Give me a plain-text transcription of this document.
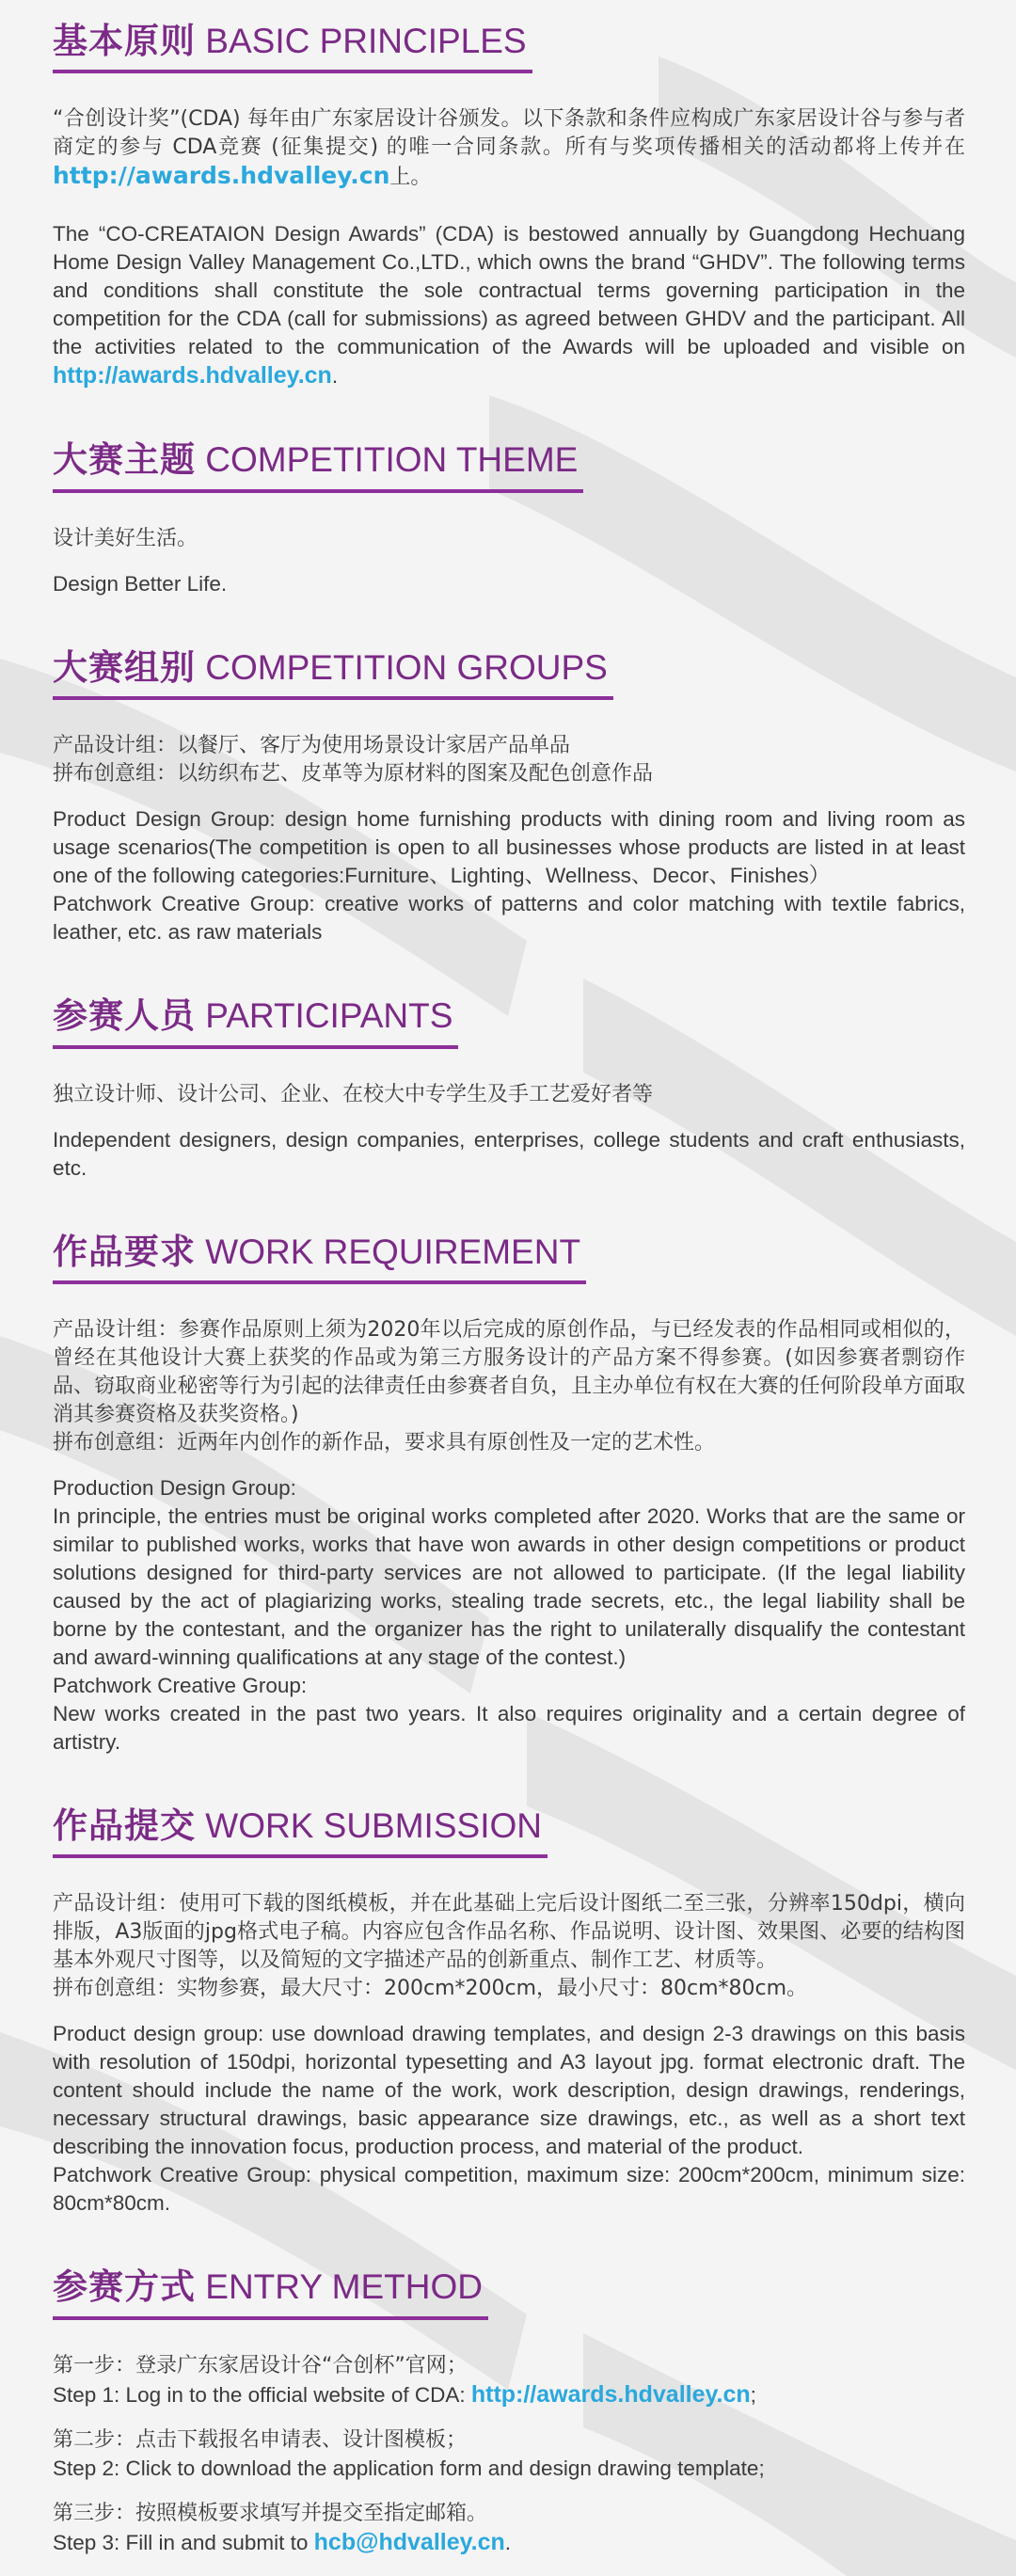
基本原则 BASIC PRINCIPLES

“合创设计奖”(CDA) 每年由广东家居设计谷颁发。以下条款和条件应构成广东家居设计谷与参与者商定的参与 CDA竞赛 (征集提交) 的唯一合同条款。所有与奖项传播相关的活动都将上传并在http://awards.hdvalley.cn上。

The “CO-CREATAION Design Awards” (CDA) is bestowed annually by Guangdong Hechuang Home Design Valley Management Co.,LTD., which owns the brand “GHDV”. The following terms and conditions shall constitute the sole contractual terms governing participation in the competition for the CDA (call for submissions) as agreed between GHDV and the participant. All the activities related to the communication of the Awards will be uploaded and visible on http://awards.hdvalley.cn.

大赛主题 COMPETITION THEME

设计美好生活。

Design Better Life.

大赛组别 COMPETITION GROUPS

产品设计组：以餐厅、客厅为使用场景设计家居产品单品
拼布创意组：以纺织布艺、皮革等为原材料的图案及配色创意作品

Product Design Group: design home furnishing products with dining room and living room as usage scenarios(The competition is open to all businesses whose products are listed in at least one of the following categories:Furniture、Lighting、Wellness、Decor、Finishes）
Patchwork Creative Group: creative works of patterns and color matching with textile fabrics, leather, etc. as raw materials

参赛人员 PARTICIPANTS

独立设计师、设计公司、企业、在校大中专学生及手工艺爱好者等

Independent designers, design companies, enterprises, college students and craft enthusiasts, etc.

作品要求 WORK REQUIREMENT

产品设计组：参赛作品原则上须为2020年以后完成的原创作品，与已经发表的作品相同或相似的，曾经在其他设计大赛上获奖的作品或为第三方服务设计的产品方案不得参赛。(如因参赛者剽窃作品、窃取商业秘密等行为引起的法律责任由参赛者自负，且主办单位有权在大赛的任何阶段单方面取消其参赛资格及获奖资格。)
拼布创意组：近两年内创作的新作品，要求具有原创性及一定的艺术性。

Production Design Group:
In principle, the entries must be original works completed after 2020. Works that are the same or similar to published works, works that have won awards in other design competitions or product solutions designed for third-party services are not allowed to participate. (If the legal liability caused by the act of plagiarizing works, stealing trade secrets, etc., the legal liability shall be borne by the contestant, and the organizer has the right to unilaterally disqualify the contestant and award-winning qualifications at any stage of the contest.)
Patchwork Creative Group:
New works created in the past two years. It also requires originality and a certain degree of artistry.

作品提交 WORK SUBMISSION

产品设计组：使用可下载的图纸模板，并在此基础上完后设计图纸二至三张，分辨率150dpi，横向排版，A3版面的jpg格式电子稿。内容应包含作品名称、作品说明、设计图、效果图、必要的结构图基本外观尺寸图等，以及简短的文字描述产品的创新重点、制作工艺、材质等。
拼布创意组：实物参赛，最大尺寸：200cm*200cm，最小尺寸：80cm*80cm。

Product design group: use download drawing templates, and design 2-3 drawings on this basis with resolution of 150dpi, horizontal typesetting and A3 layout jpg. format electronic draft. The content should include the name of the work, work description, design drawings, renderings, necessary structural drawings, basic appearance size drawings, etc., as well as a short text describing the innovation focus, production process, and material of the product.
Patchwork Creative Group: physical competition, maximum size: 200cm*200cm, minimum size: 80cm*80cm.

参赛方式 ENTRY METHOD

第一步：登录广东家居设计谷“合创杯”官网；
Step 1: Log in to the official website of CDA: http://awards.hdvalley.cn;

第二步：点击下载报名申请表、设计图模板；
Step 2: Click to download the application form and design drawing template;

第三步：按照模板要求填写并提交至指定邮箱。
Step 3: Fill in and submit to hcb@hdvalley.cn.
